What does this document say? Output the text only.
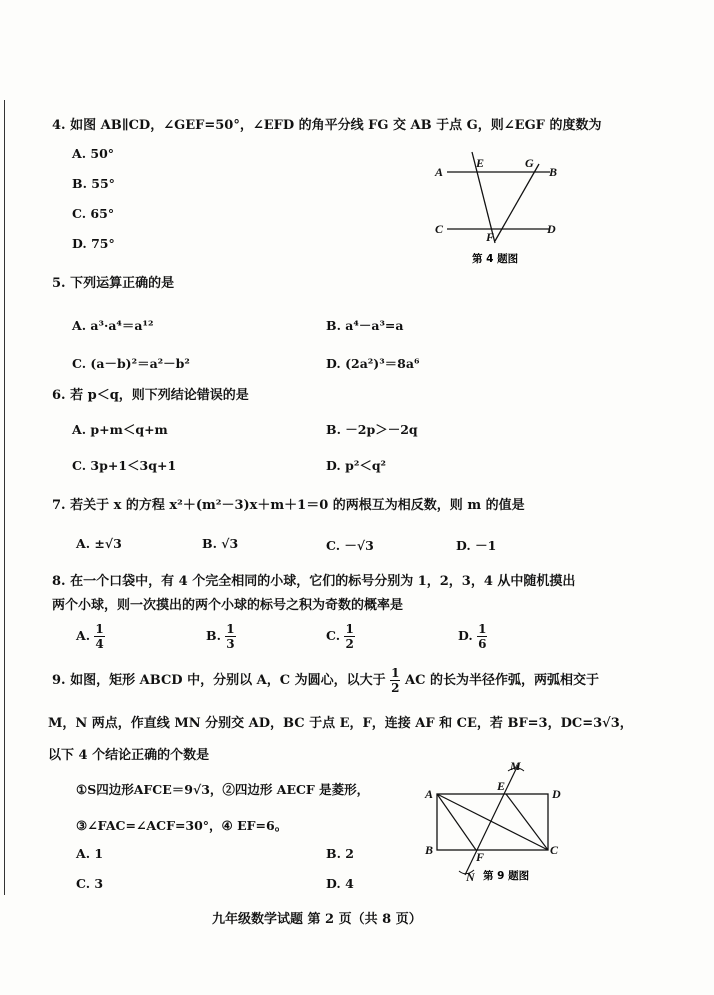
4. 如图 AB∥CD，∠GEF=50°，∠EFD 的角平分线 FG 交 AB 于点 G，则∠EGF 的度数为
A. 50°
B. 55°
C. 65°
D. 75°
A
E	G
B
C
F
D
第 4 题图
5. 下列运算正确的是
A. a³·a⁴＝a¹²	B. a⁴－a³=a
C. (a－b)²＝a²－b²	D. (2a²)³＝8a⁶
6. 若 p＜q，则下列结论错误的是
A. p+m＜q+m	B. －2p＞－2q
C. 3p+1＜3q+1	D. p²＜q²
7. 若关于 x 的方程 x²＋(m²－3)x＋m＋1＝0 的两根互为相反数，则 m 的值是
A. ±√3	B. √3	C. －√3	D. －1
8. 在一个口袋中，有 4 个完全相同的小球，它们的标号分别为 1，2，3，4 从中随机摸出
两个小球，则一次摸出的两个小球的标号之积为奇数的概率是
A. $\frac{1}{4}$	B. $\frac{1}{3}$	C. $\frac{1}{2}$	D. $\frac{1}{6}$
9. 如图，矩形 ABCD 中，分别以 A，C 为圆心，以大于 $\frac{1}{2}$ AC 的长为半径作弧，两弧相交于
M，N 两点，作直线 MN 分别交 AD，BC 于点 E，F，连接 AF 和 CE，若 BF=3，DC=3√3，
以下 4 个结论正确的个数是
①S四边形AFCE＝9√3，②四边形 AECF 是菱形，
③∠FAC=∠ACF=30°，④ EF=6。
A. 1	B. 2
C. 3	D. 4
M
A
E
D
B	F	C
N 第 9 题图
九年级数学试题 第 2 页（共 8 页）
